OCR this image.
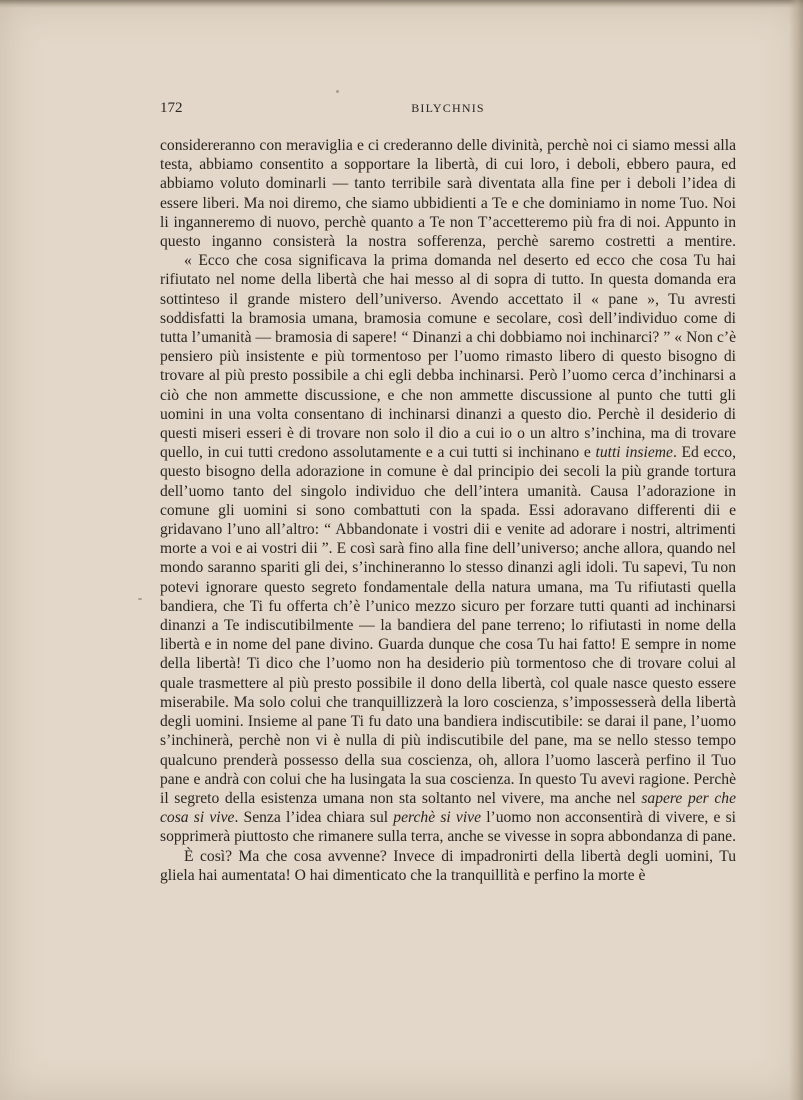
172	BILYCHNIS

considereranno con meraviglia e ci crederanno delle divinità, perchè noi ci siamo messi alla testa, abbiamo consentito a sopportare la libertà, di cui loro, i deboli, ebbero paura, ed abbiamo voluto dominarli — tanto terribile sarà diventata alla fine per i deboli l’idea di essere liberi. Ma noi diremo, che siamo ubbidienti a Te e che dominiamo in nome Tuo. Noi li inganneremo di nuovo, perchè quanto a Te non T’accetteremo più fra di noi. Appunto in questo inganno consisterà la nostra sofferenza, perchè saremo costretti a mentire.

« Ecco che cosa significava la prima domanda nel deserto ed ecco che cosa Tu hai rifiutato nel nome della libertà che hai messo al di sopra di tutto. In questa domanda era sottinteso il grande mistero dell’universo. Avendo accettato il « pane », Tu avresti soddisfatti la bramosia umana, bramosia comune e secolare, così dell’individuo come di tutta l’umanità — bramosia di sapere! “ Dinanzi a chi dobbiamo noi inchinarci? ” « Non c’è pensiero più insistente e più tormentoso per l’uomo rimasto libero di questo bisogno di trovare al più presto possibile a chi egli debba inchinarsi. Però l’uomo cerca d’inchinarsi a ciò che non ammette discussione, e che non ammette discussione al punto che tutti gli uomini in una volta consentano di inchinarsi dinanzi a questo dio. Perchè il desiderio di questi miseri esseri è di trovare non solo il dio a cui io o un altro s’inchina, ma di trovare quello, in cui tutti credono assolutamente e a cui tutti si inchinano e tutti insieme. Ed ecco, questo bisogno della adorazione in comune è dal principio dei secoli la più grande tortura dell’uomo tanto del singolo individuo che dell’intera umanità. Causa l’adorazione in comune gli uomini si sono combattuti con la spada. Essi adoravano differenti dii e gridavano l’uno all’altro: “ Abbandonate i vostri dii e venite ad adorare i nostri, altrimenti morte a voi e ai vostri dii ”. E così sarà fino alla fine dell’universo; anche allora, quando nel mondo saranno spariti gli dei, s’inchineranno lo stesso dinanzi agli idoli. Tu sapevi, Tu non potevi ignorare questo segreto fondamentale della natura umana, ma Tu rifiutasti quella bandiera, che Ti fu offerta ch’è l’unico mezzo sicuro per forzare tutti quanti ad inchinarsi dinanzi a Te indiscutibilmente — la bandiera del pane terreno; lo rifiutasti in nome della libertà e in nome del pane divino. Guarda dunque che cosa Tu hai fatto! E sempre in nome della libertà! Ti dico che l’uomo non ha desiderio più tormentoso che di trovare colui al quale trasmettere al più presto possibile il dono della libertà, col quale nasce questo essere miserabile. Ma solo colui che tranquillizzerà la loro coscienza, s’impossesserà della libertà degli uomini. Insieme al pane Ti fu dato una bandiera indiscutibile: se darai il pane, l’uomo s’inchinerà, perchè non vi è nulla di più indiscutibile del pane, ma se nello stesso tempo qualcuno prenderà possesso della sua coscienza, oh, allora l’uomo lascerà perfino il Tuo pane e andrà con colui che ha lusingata la sua coscienza. In questo Tu avevi ragione. Perchè il segreto della esistenza umana non sta soltanto nel vivere, ma anche nel sapere per che cosa si vive. Senza l’idea chiara sul perchè si vive l’uomo non acconsentirà di vivere, e si sopprimerà piuttosto che rimanere sulla terra, anche se vivesse in sopra abbondanza di pane.

È così? Ma che cosa avvenne? Invece di impadronirti della libertà degli uomini, Tu gliela hai aumentata! O hai dimenticato che la tranquillità e perfino la morte è
